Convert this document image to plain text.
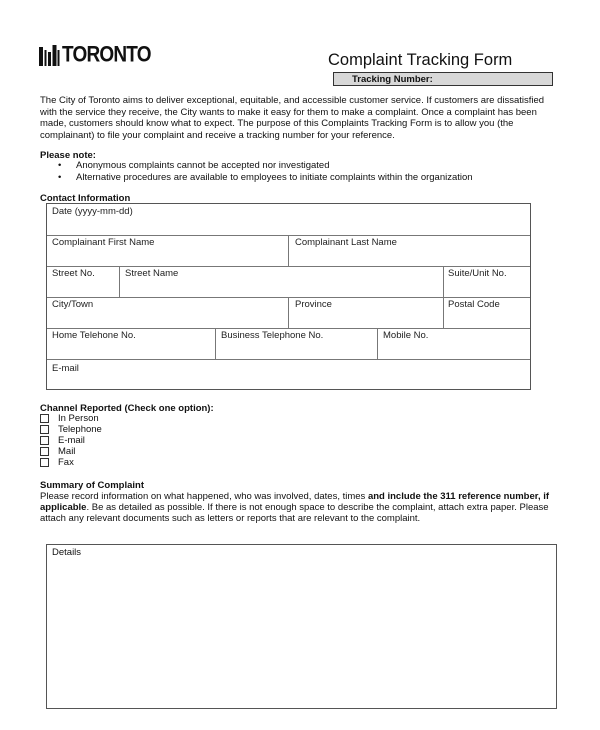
TORONTO	Complaint Tracking Form
Tracking Number:
The City of Toronto aims to deliver exceptional, equitable, and accessible customer service. If customers are dissatisfied with the service they receive, the City wants to make it easy for them to make a complaint. Once a complaint has been made, customers should know what to expect. The purpose of this Complaints Tracking Form is to allow you (the complainant) to file your complaint and receive a tracking number for your reference.
Please note:
• Anonymous complaints cannot be accepted nor investigated
• Alternative procedures are available to employees to initiate complaints within the organization
Contact Information
Date (yyyy-mm-dd)
Complainant First Name	Complainant Last Name
Street No.	Street Name	Suite/Unit No.
City/Town	Province	Postal Code
Home Telehone No.	Business Telephone No.	Mobile No.
E-mail
Channel Reported (Check one option):
In Person
Telephone
E-mail
Mail
Fax
Summary of Complaint
Please record information on what happened, who was involved, dates, times and include the 311 reference number, if applicable. Be as detailed as possible. If there is not enough space to describe the complaint, attach extra paper. Please attach any relevant documents such as letters or reports that are relevant to the complaint.
Details
